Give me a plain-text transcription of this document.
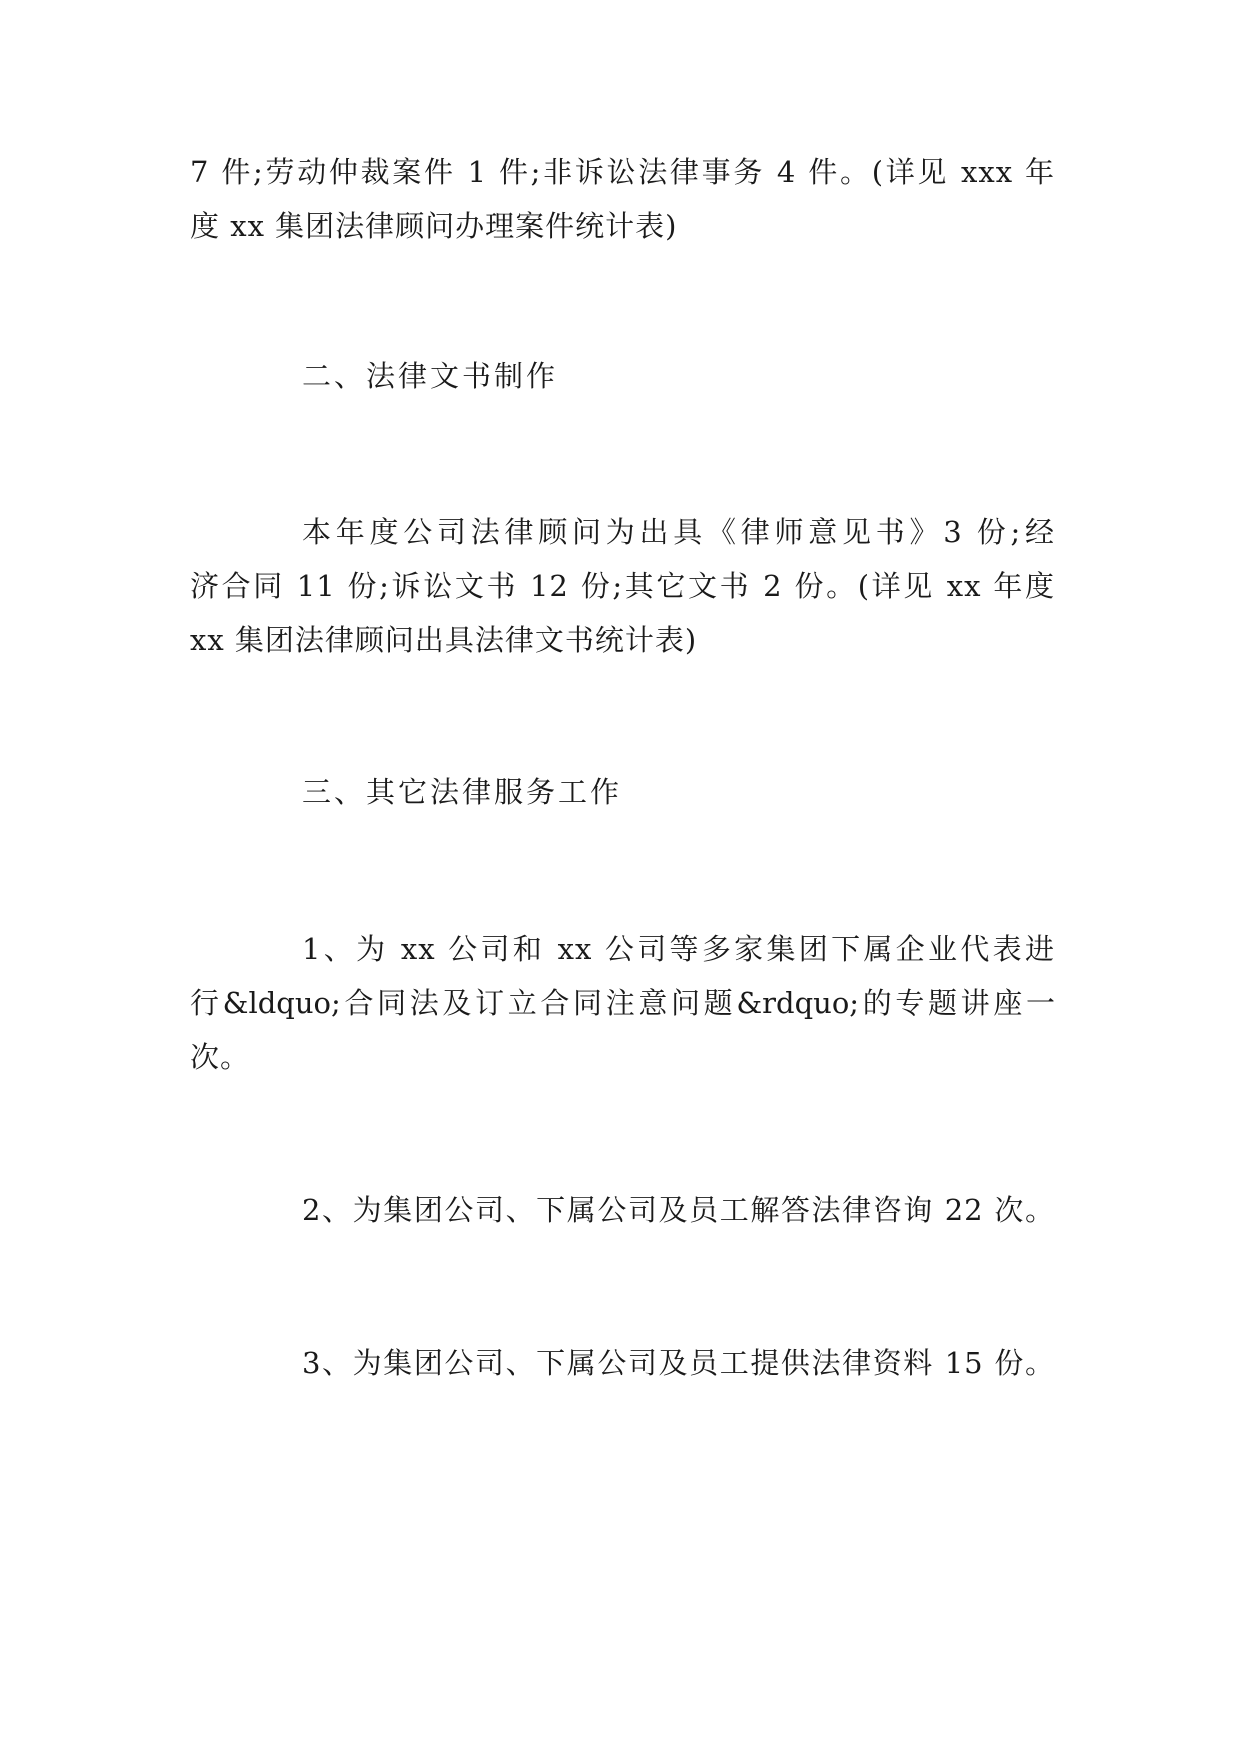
7 件;劳动仲裁案件 1 件;非诉讼法律事务 4 件。(详见 xxx 年
度 xx 集团法律顾问办理案件统计表)
二、法律文书制作
本年度公司法律顾问为出具《律师意见书》3 份;经
济合同 11 份;诉讼文书 12 份;其它文书 2 份。(详见 xx 年度
xx 集团法律顾问出具法律文书统计表)
三、其它法律服务工作
1、为 xx 公司和 xx 公司等多家集团下属企业代表进
行&ldquo;合同法及订立合同注意问题&rdquo;的专题讲座一
次。
2、为集团公司、下属公司及员工解答法律咨询 22 次。
3、为集团公司、下属公司及员工提供法律资料 15 份。
